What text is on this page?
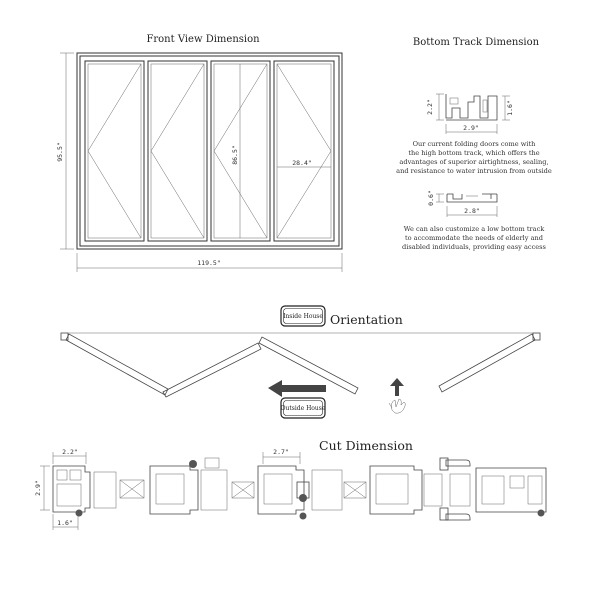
Front View Dimension
119.5"
95.5"	86.5"	28.4"
Bottom Track Dimension
2.2"	1.6"
2.9"
Our current folding doors come with
the high bottom track, which offers the
advantages of superior airtightness, sealing,
and resistance to water intrusion from outside
0.6"
2.8"
We can also customize a low bottom track
to accommodate the needs of elderly and
disabled individuals, providing easy access
Inside House Orientation
Outside House
Cut Dimension
2.2"
2.9"
1.6"
2.7"
